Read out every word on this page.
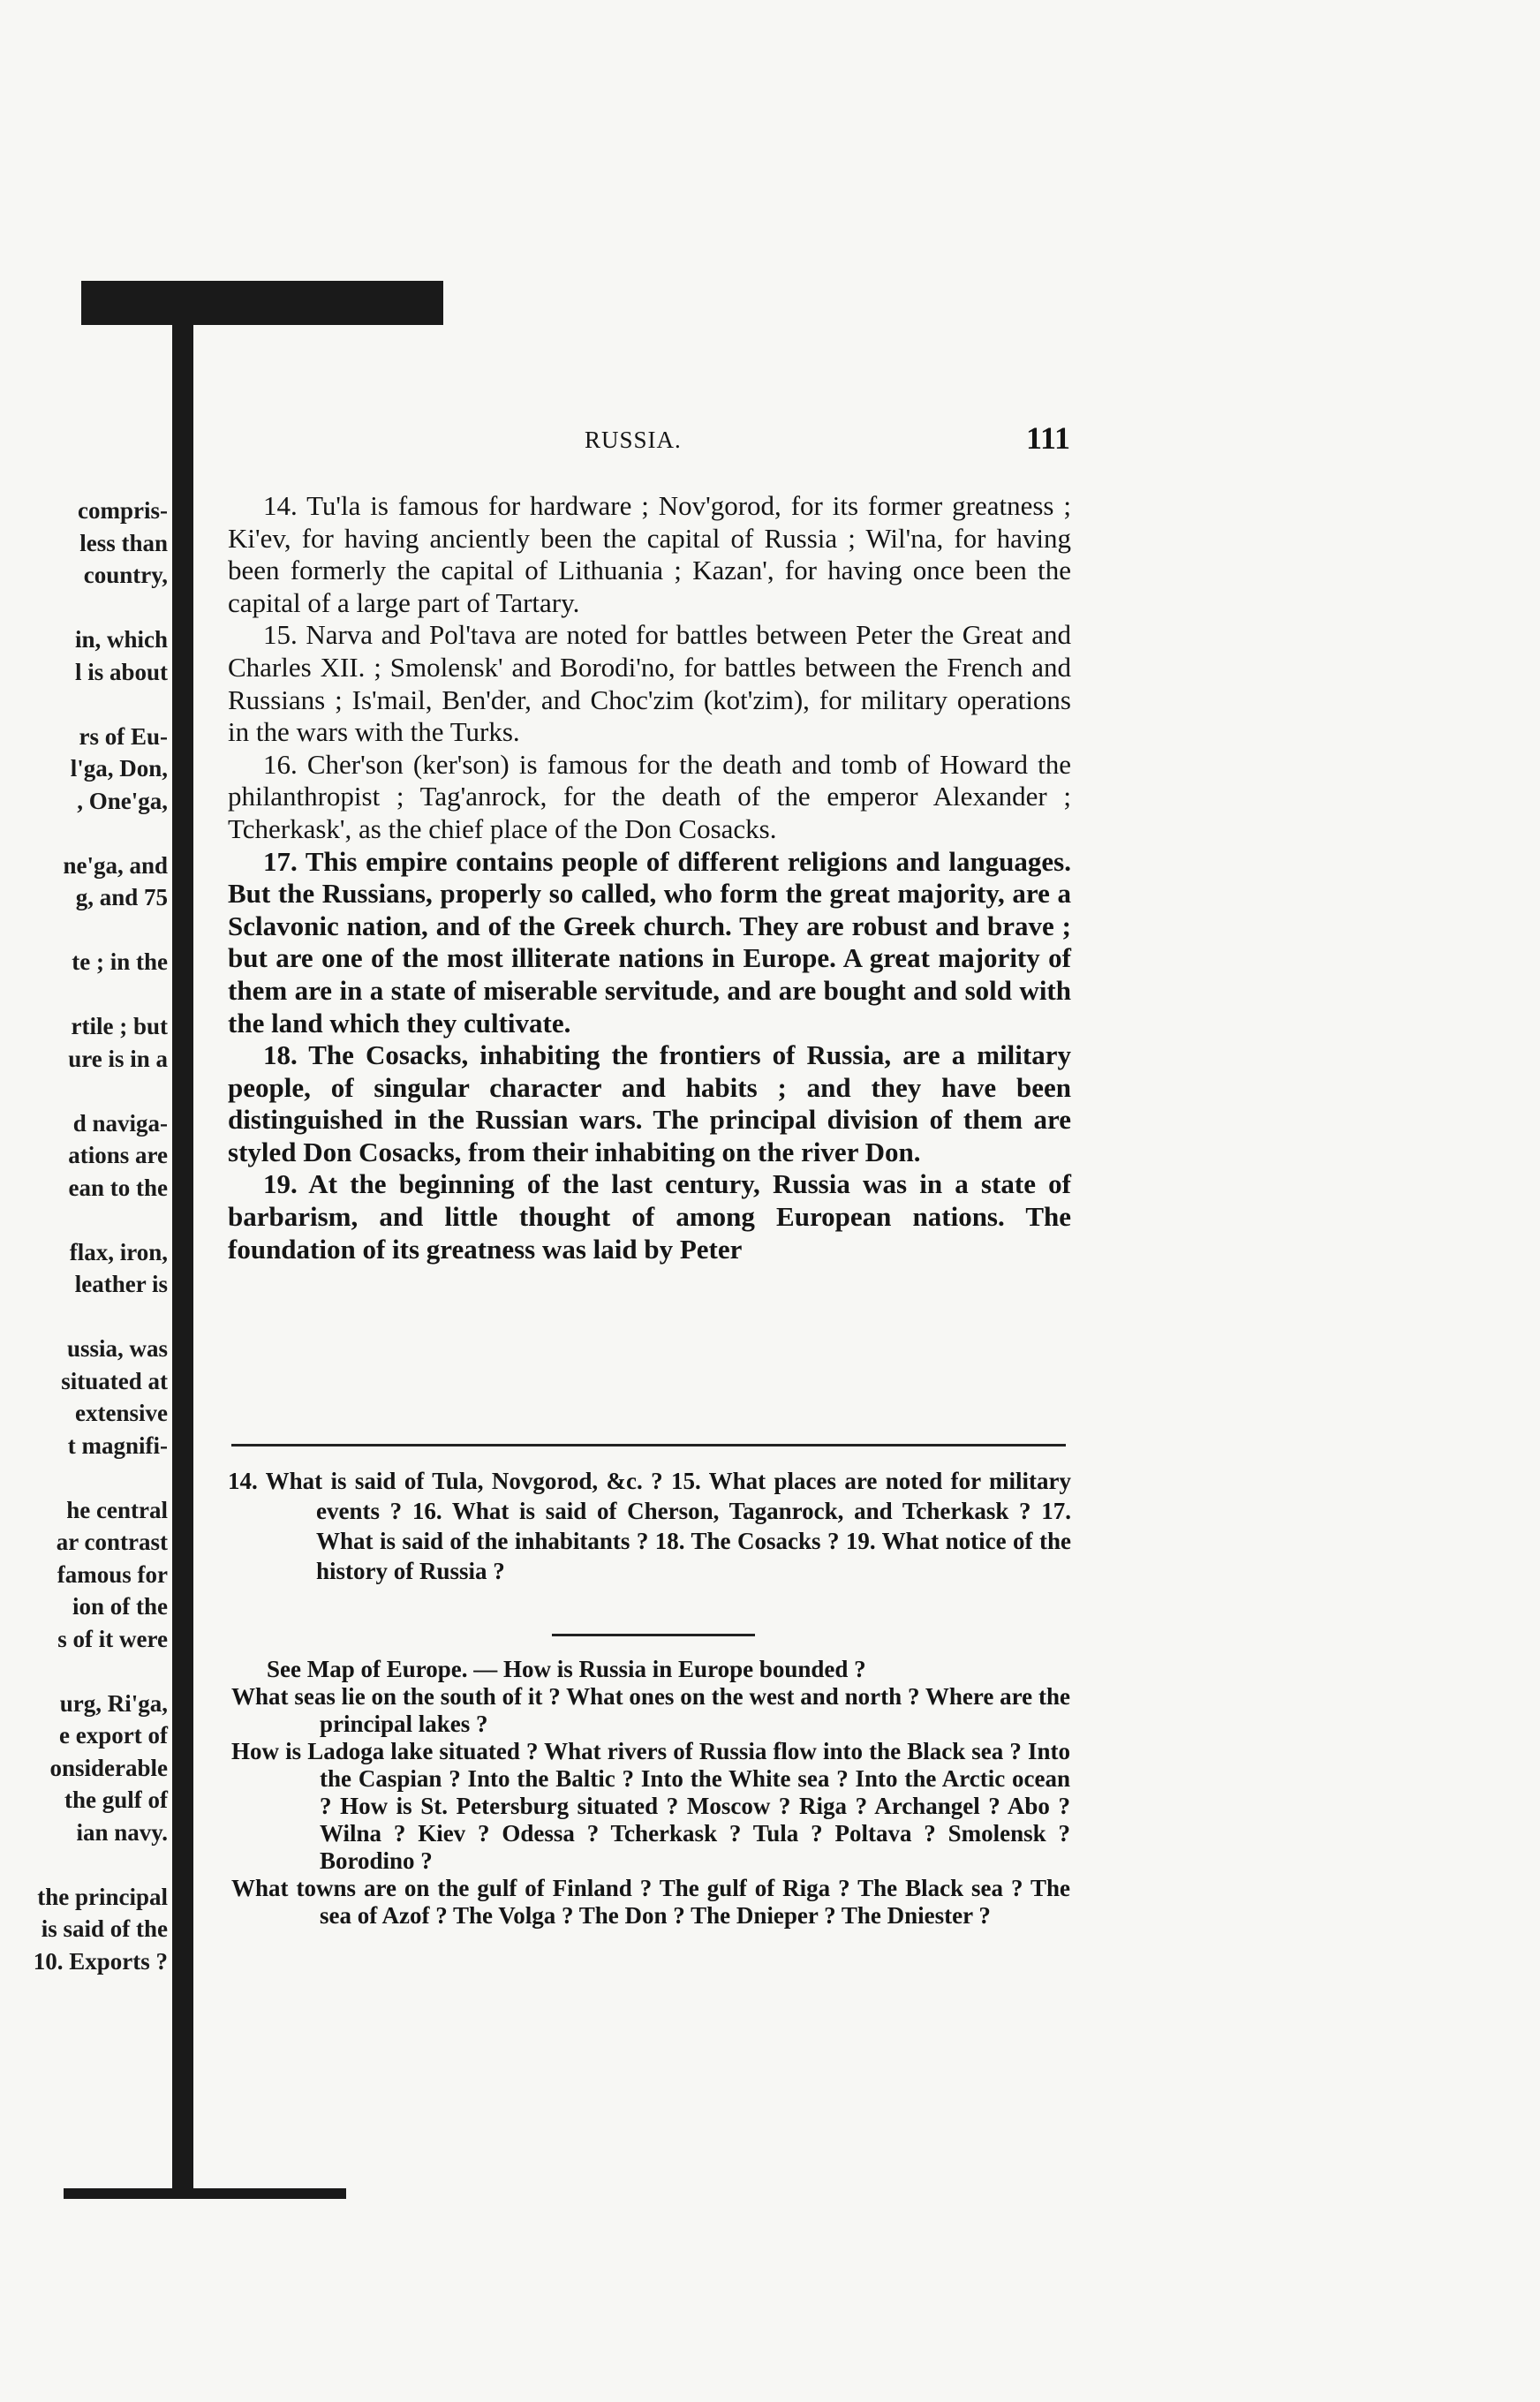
compris-
less than
country,
in, which
l is about
rs of Eu-
l'ga, Don,
, One'ga,
ne'ga, and
g, and 75
te ; in the
rtile ; but
ure is in a
d naviga-
ations are
ean to the
flax, iron,
leather is
ussia, was
situated at
extensive
t magnifi-
he central
ar contrast
famous for
ion of the
s of it were
urg, Ri'ga,
e export of
onsiderable
the gulf of
ian navy.
the principal
is said of the
10. Exports ?
RUSSIA.	111

14. Tu'la is famous for hardware ; Nov'gorod, for its former greatness ; Ki'ev, for having anciently been the capital of Russia ; Wil'na, for having been formerly the capital of Lithuania ; Kazan', for having once been the capital of a large part of Tartary.

15. Narva and Pol'tava are noted for battles between Peter the Great and Charles XII. ; Smolensk' and Borodi'no, for battles between the French and Russians ; Is'mail, Ben'der, and Choc'zim (kot'zim), for military operations in the wars with the Turks.

16. Cher'son (ker'son) is famous for the death and tomb of Howard the philanthropist ; Tag'anrock, for the death of the emperor Alexander ; Tcherkask', as the chief place of the Don Cosacks.

17. This empire contains people of different religions and languages. But the Russians, properly so called, who form the great majority, are a Sclavonic nation, and of the Greek church. They are robust and brave ; but are one of the most illiterate nations in Europe. A great majority of them are in a state of miserable servitude, and are bought and sold with the land which they cultivate.

18. The Cosacks, inhabiting the frontiers of Russia, are a military people, of singular character and habits ; and they have been distinguished in the Russian wars. The principal division of them are styled Don Cosacks, from their inhabiting on the river Don.

19. At the beginning of the last century, Russia was in a state of barbarism, and little thought of among European nations. The foundation of its greatness was laid by Peter

14. What is said of Tula, Novgorod, &c. ? 15. What places are noted for military events ? 16. What is said of Cherson, Taganrock, and Tcherkask ? 17. What is said of the inhabitants ? 18. The Cosacks ? 19. What notice of the history of Russia ?

See Map of Europe. — How is Russia in Europe bounded ?

What seas lie on the south of it ? What ones on the west and north ? Where are the principal lakes ?

How is Ladoga lake situated ? What rivers of Russia flow into the Black sea ? Into the Caspian ? Into the Baltic ? Into the White sea ? Into the Arctic ocean ? How is St. Petersburg situated ? Moscow ? Riga ? Archangel ? Abo ? Wilna ? Kiev ? Odessa ? Tcherkask ? Tula ? Poltava ? Smolensk ? Borodino ?

What towns are on the gulf of Finland ? The gulf of Riga ? The Black sea ? The sea of Azof ? The Volga ? The Don ? The Dnieper ? The Dniester ?
